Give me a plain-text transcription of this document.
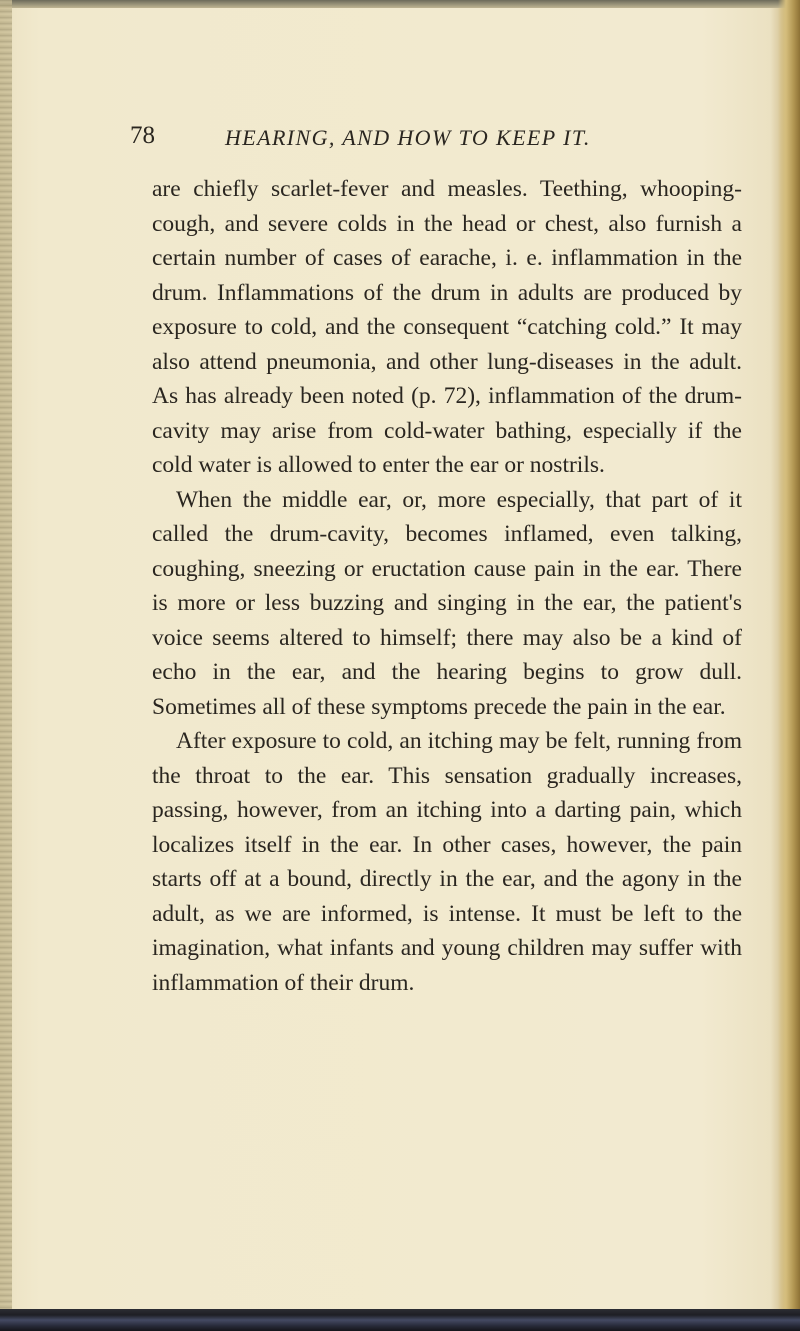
78	HEARING, AND HOW TO KEEP IT.

are chiefly scarlet-fever and measles. Teething, whooping-cough, and severe colds in the head or chest, also furnish a certain number of cases of earache, i. e. inflammation in the drum. Inflammations of the drum in adults are produced by exposure to cold, and the consequent “catching cold.” It may also attend pneumonia, and other lung-diseases in the adult. As has already been noted (p. 72), inflammation of the drum-cavity may arise from cold-water bathing, especially if the cold water is allowed to enter the ear or nostrils.

When the middle ear, or, more especially, that part of it called the drum-cavity, becomes inflamed, even talking, coughing, sneezing or eructation cause pain in the ear. There is more or less buzzing and singing in the ear, the patient's voice seems altered to himself; there may also be a kind of echo in the ear, and the hearing begins to grow dull. Sometimes all of these symptoms precede the pain in the ear.

After exposure to cold, an itching may be felt, running from the throat to the ear. This sensation gradually increases, passing, however, from an itching into a darting pain, which localizes itself in the ear. In other cases, however, the pain starts off at a bound, directly in the ear, and the agony in the adult, as we are informed, is intense. It must be left to the imagination, what infants and young children may suffer with inflammation of their drum.
